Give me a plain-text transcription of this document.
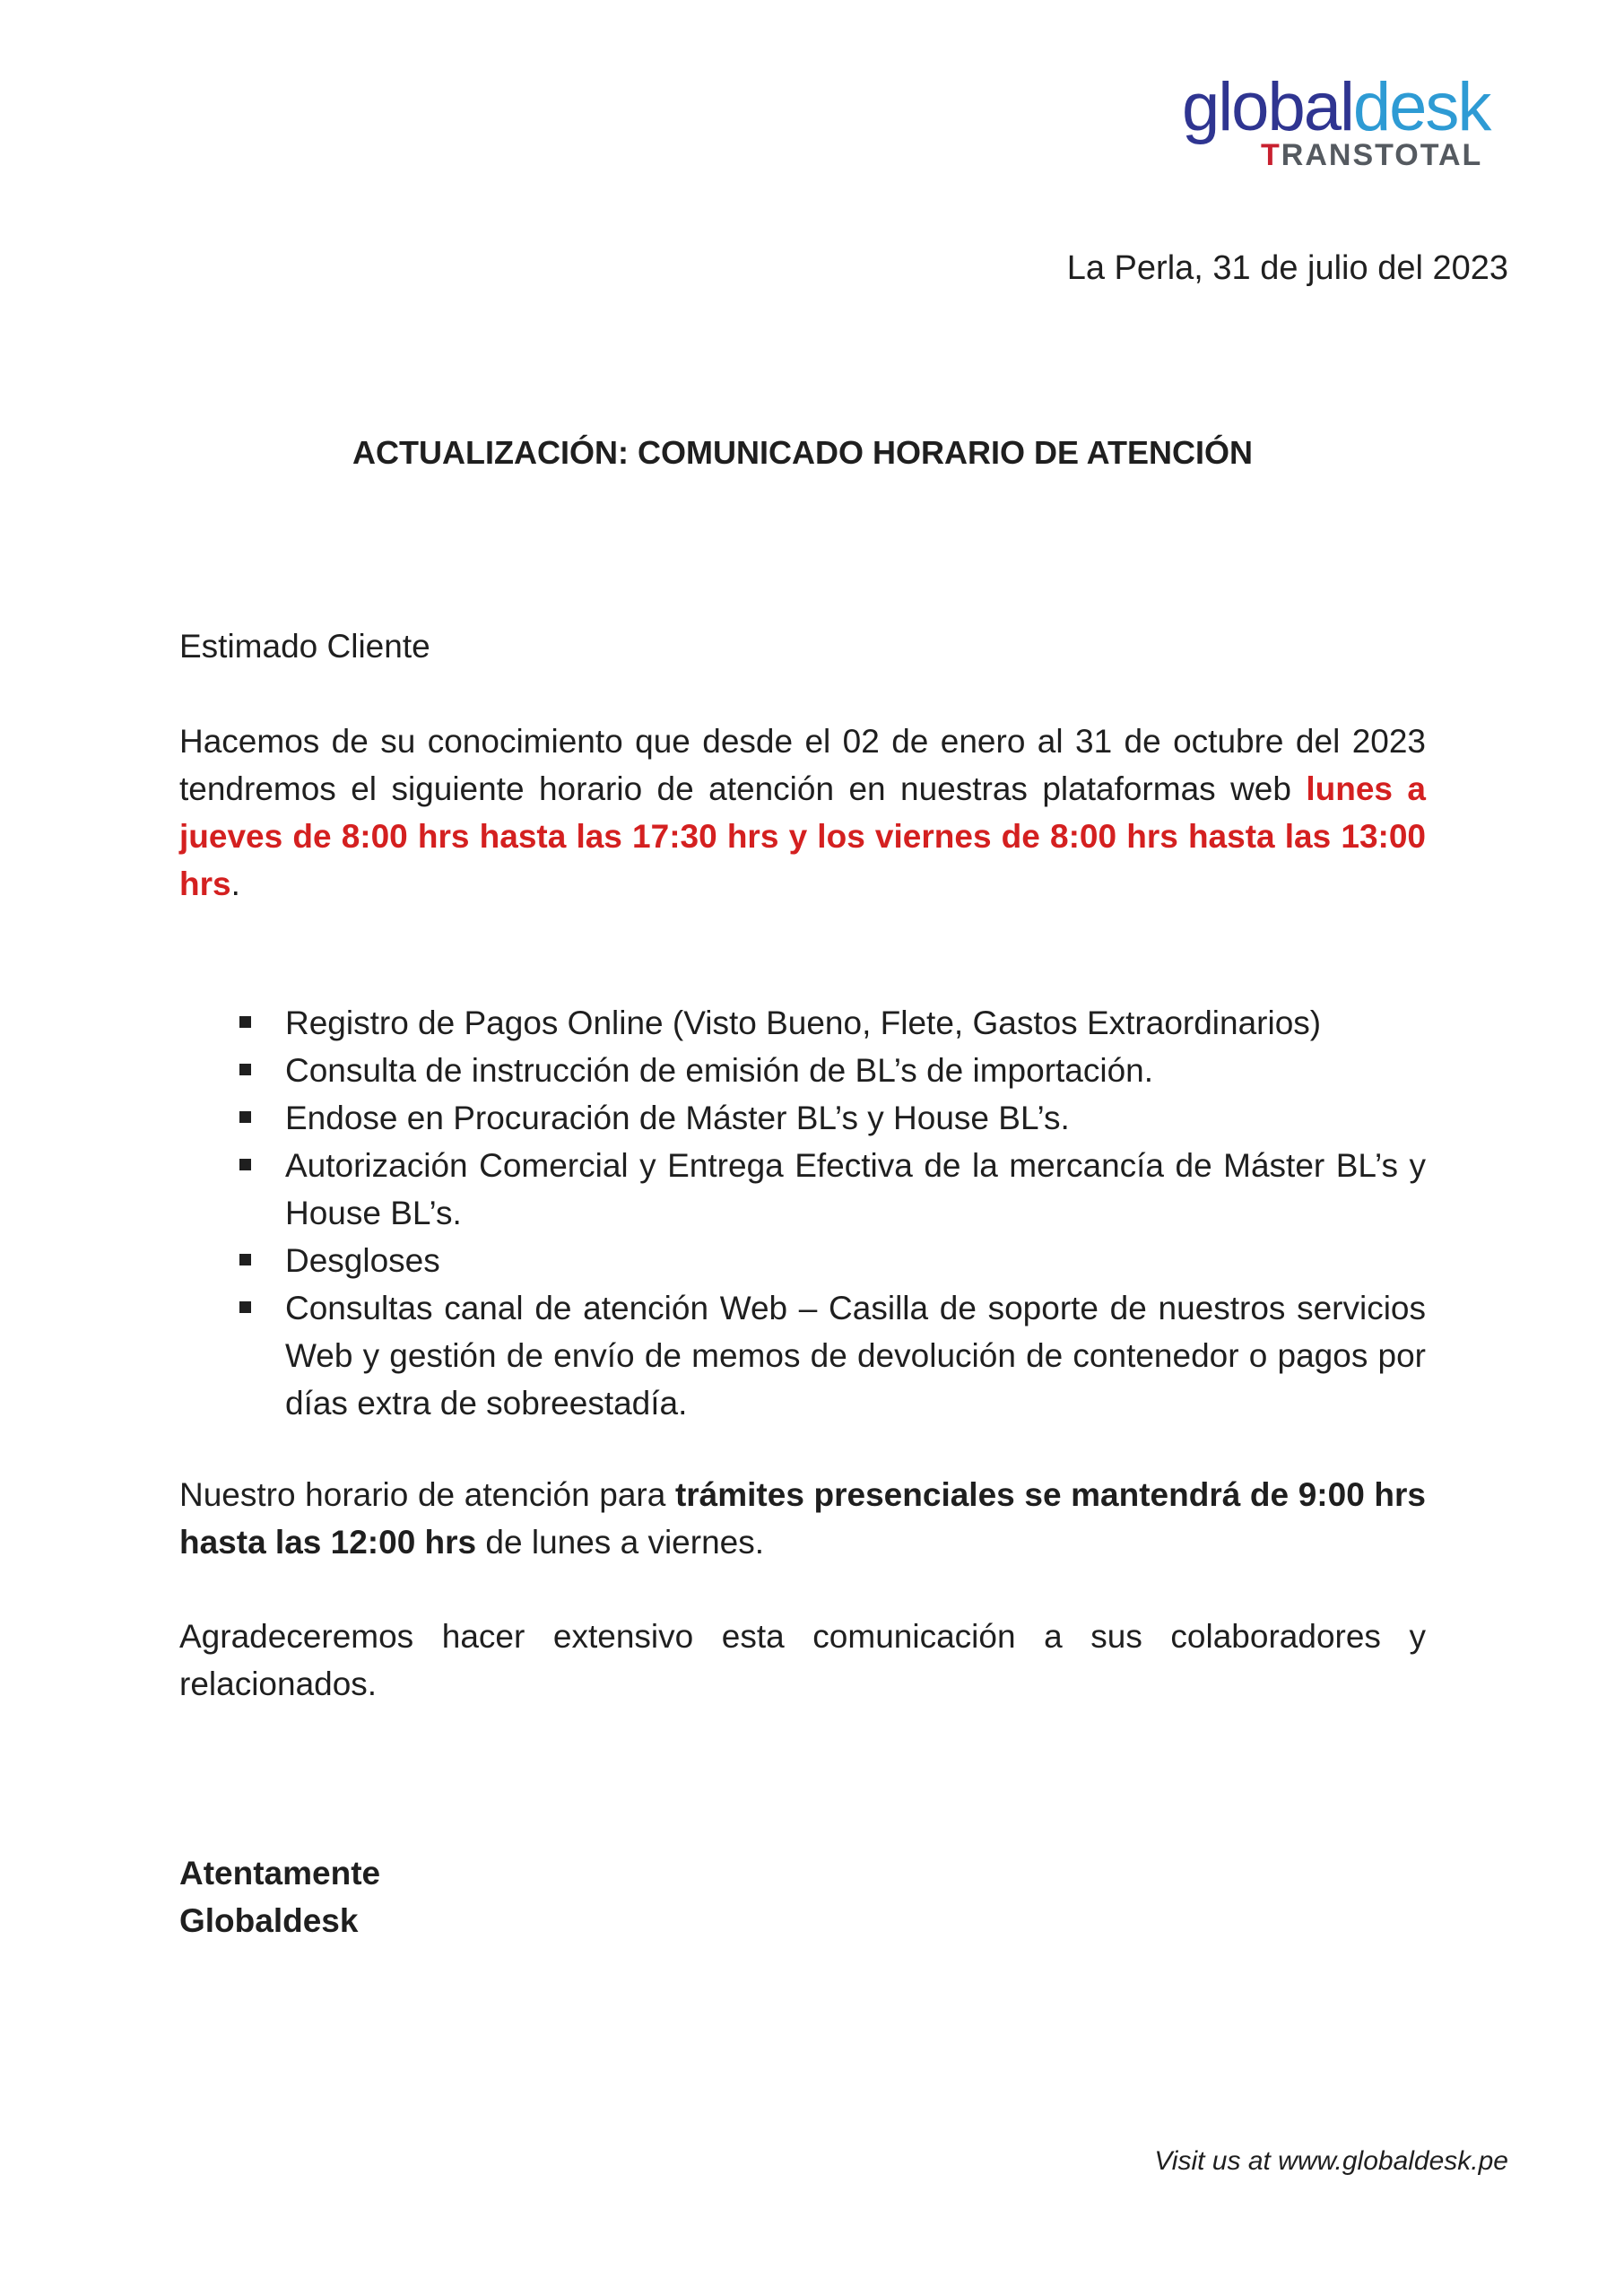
globaldesk
TRANSTOTAL
La Perla, 31 de julio del 2023
ACTUALIZACIÓN: COMUNICADO HORARIO DE ATENCIÓN
Estimado Cliente
Hacemos de su conocimiento que desde el 02 de enero al 31 de octubre del 2023 tendremos el siguiente horario de atención en nuestras plataformas web lunes a jueves de 8:00 hrs hasta las 17:30 hrs y los viernes de 8:00 hrs hasta las 13:00 hrs.
Registro de Pagos Online (Visto Bueno, Flete, Gastos Extraordinarios)
Consulta de instrucción de emisión de BL’s de importación.
Endose en Procuración de Máster BL’s y House BL’s.
Autorización Comercial y Entrega Efectiva de la mercancía de Máster BL’s y House BL’s.
Desgloses
Consultas canal de atención Web – Casilla de soporte de nuestros servicios Web y gestión de envío de memos de devolución de contenedor o pagos por días extra de sobreestadía.
Nuestro horario de atención para trámites presenciales se mantendrá de 9:00 hrs hasta las 12:00 hrs de lunes a viernes.
Agradeceremos hacer extensivo esta comunicación a sus colaboradores y relacionados.
Atentamente
Globaldesk
Visit us at www.globaldesk.pe
